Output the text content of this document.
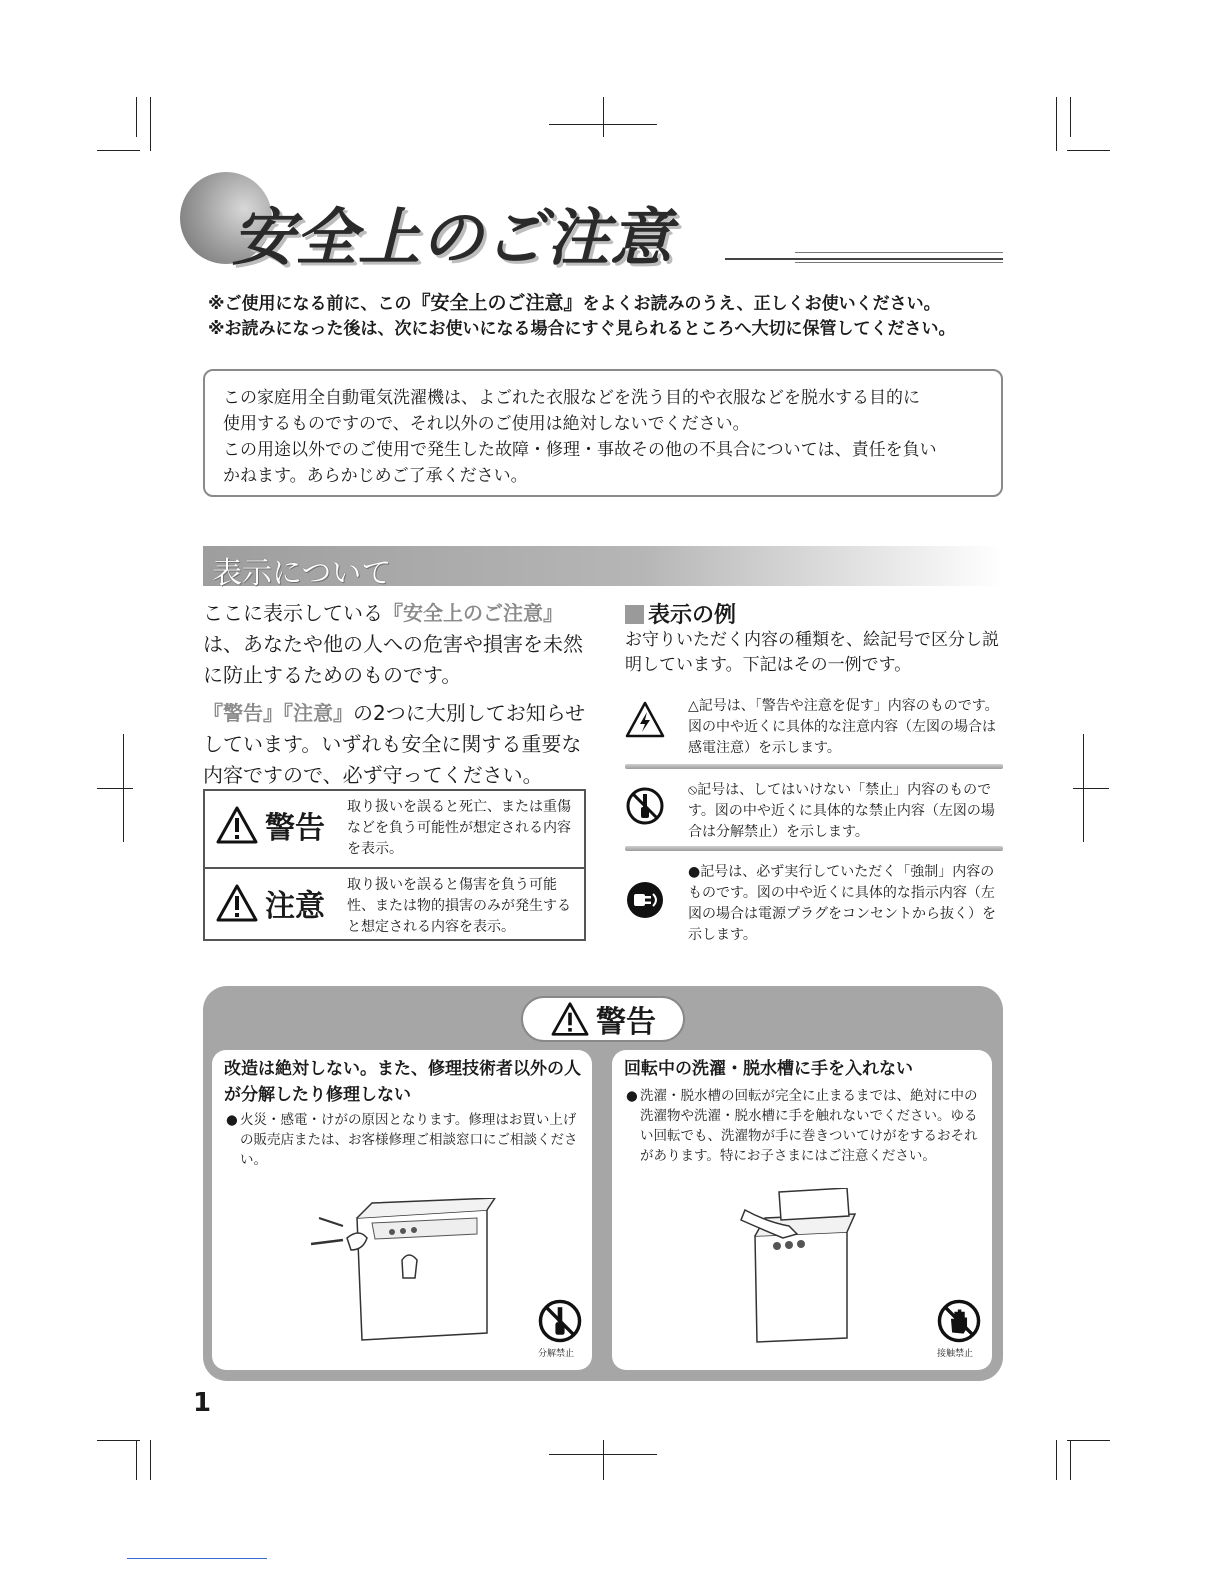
安全上のご注意
※ご使用になる前に、この『安全上のご注意』をよくお読みのうえ、正しくお使いください。
※お読みになった後は、次にお使いになる場合にすぐ見られるところへ大切に保管してください。
この家庭用全自動電気洗濯機は、よごれた衣服などを洗う目的や衣服などを脱水する目的に
使用するものですので、それ以外のご使用は絶対しないでください。
この用途以外でのご使用で発生した故障・修理・事故その他の不具合については、責任を負い
かねます。あらかじめご了承ください。
表示について

ここに表示している『安全上のご注意』は、あなたや他の人への危害や損害を未然に防止するためのものです。

『警告』『注意』の2つに大別してお知らせしています。いずれも安全に関する重要な内容ですので、必ず守ってください。

警告
取り扱いを誤ると死亡、または重傷などを負う可能性が想定される内容を表示。
注意
取り扱いを誤ると傷害を負う可能性、または物的損害のみが発生すると想定される内容を表示。
表示の例
お守りいただく内容の種類を、絵記号で区分し説明しています。下記はその一例です。
△記号は、「警告や注意を促す」内容のものです。図の中や近くに具体的な注意内容（左図の場合は感電注意）を示します。
⦸記号は、してはいけない「禁止」内容のものです。図の中や近くに具体的な禁止内容（左図の場合は分解禁止）を示します。
●記号は、必ず実行していただく「強制」内容のものです。図の中や近くに具体的な指示内容（左図の場合は電源プラグをコンセントから抜く）を示します。
警告
改造は絶対しない。また、修理技術者以外の人が分解したり修理しない
● 火災・感電・けがの原因となります。修理はお買い上げの販売店または、お客様修理ご相談窓口にご相談ください。
分解禁止
回転中の洗濯・脱水槽に手を入れない
● 洗濯・脱水槽の回転が完全に止まるまでは、絶対に中の洗濯物や洗濯・脱水槽に手を触れないでください。ゆるい回転でも、洗濯物が手に巻きついてけがをするおそれがあります。特にお子さまにはご注意ください。
接触禁止
1
